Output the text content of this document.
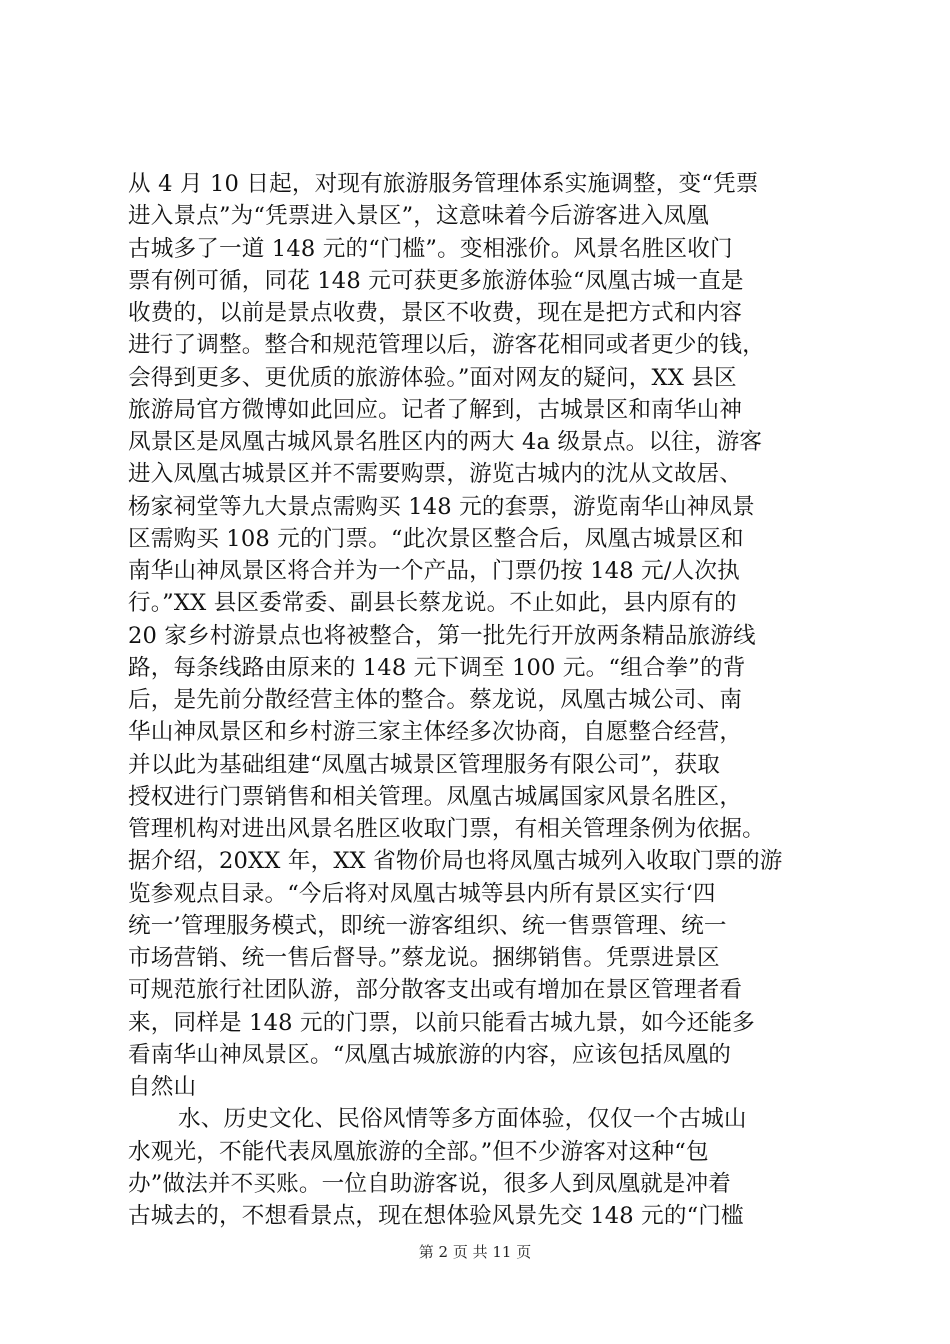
从 4 月 10 日起，对现有旅游服务管理体系实施调整，变“凭票
进入景点”为“凭票进入景区”，这意味着今后游客进入凤凰
古城多了一道 148 元的“门槛”。变相涨价。风景名胜区收门
票有例可循，同花 148 元可获更多旅游体验“凤凰古城一直是
收费的，以前是景点收费，景区不收费，现在是把方式和内容
进行了调整。整合和规范管理以后，游客花相同或者更少的钱，
会得到更多、更优质的旅游体验。”面对网友的疑问，XX 县区
旅游局官方微博如此回应。记者了解到，古城景区和南华山神
凤景区是凤凰古城风景名胜区内的两大 4a 级景点。以往，游客
进入凤凰古城景区并不需要购票，游览古城内的沈从文故居、
杨家祠堂等九大景点需购买 148 元的套票，游览南华山神凤景
区需购买 108 元的门票。“此次景区整合后，凤凰古城景区和
南华山神凤景区将合并为一个产品，门票仍按 148 元/人次执
行。”XX 县区委常委、副县长蔡龙说。不止如此，县内原有的
20 家乡村游景点也将被整合，第一批先行开放两条精品旅游线
路，每条线路由原来的 148 元下调至 100 元。“组合拳”的背
后，是先前分散经营主体的整合。蔡龙说，凤凰古城公司、南
华山神凤景区和乡村游三家主体经多次协商，自愿整合经营，
并以此为基础组建“凤凰古城景区管理服务有限公司”，获取
授权进行门票销售和相关管理。凤凰古城属国家风景名胜区，
管理机构对进出风景名胜区收取门票，有相关管理条例为依据。
据介绍，20XX 年，XX 省物价局也将凤凰古城列入收取门票的游
览参观点目录。“今后将对凤凰古城等县内所有景区实行‘四
统一’管理服务模式，即统一游客组织、统一售票管理、统一
市场营销、统一售后督导。”蔡龙说。捆绑销售。凭票进景区
可规范旅行社团队游，部分散客支出或有增加在景区管理者看
来，同样是 148 元的门票，以前只能看古城九景，如今还能多
看南华山神凤景区。“凤凰古城旅游的内容，应该包括凤凰的
自然山
水、历史文化、民俗风情等多方面体验，仅仅一个古城山
水观光，不能代表凤凰旅游的全部。”但不少游客对这种“包
办”做法并不买账。一位自助游客说，很多人到凤凰就是冲着
古城去的，不想看景点，现在想体验风景先交 148 元的“门槛
第 2 页 共 11 页
